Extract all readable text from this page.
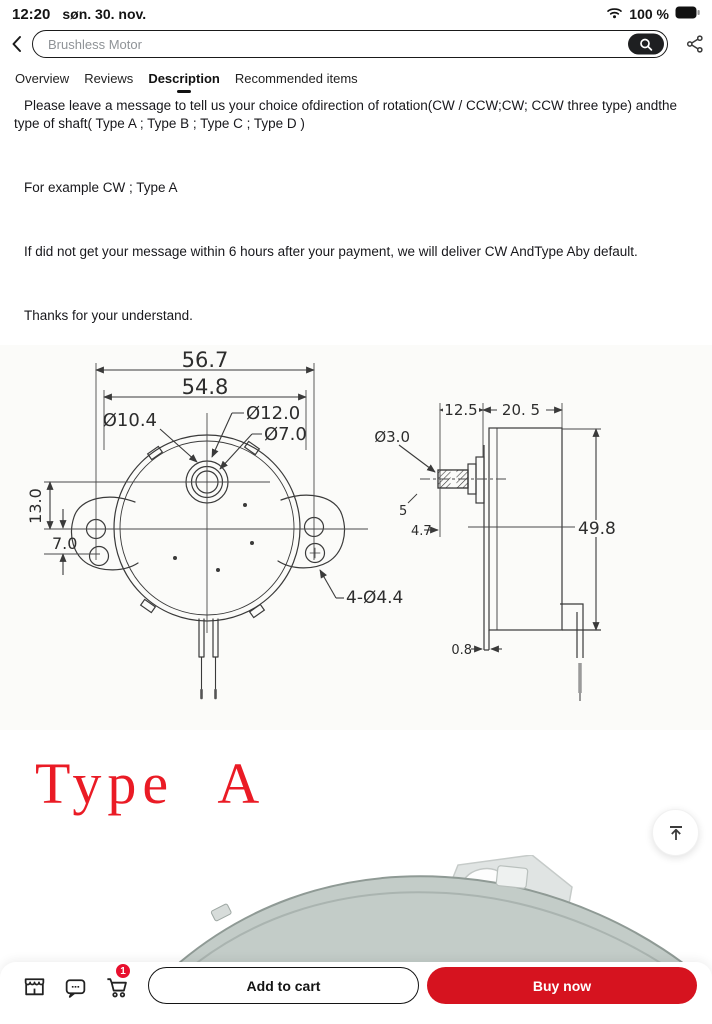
12:20 søn. 30. nov.	100 %
Brushless Motor
Overview Reviews Description Recommended items

Please leave a message to tell us your choice ofdirection of rotation(CW / CCW;CW; CCW three type) andthe type of shaft( Type A ; Type B ; Type C ; Type D )

For example CW ; Type A

If did not get your message within 6 hours after your payment, we will deliver CW AndType Aby default.

Thanks for your understand.

56.7
54.8
Ø10.4	Ø12.0
Ø7.0
13.0
7.0
4-Ø4.4
12.5 20. 5
Ø3.0
5
4.7	49.8
0.8
Type A
1
Add to cart	Buy now
